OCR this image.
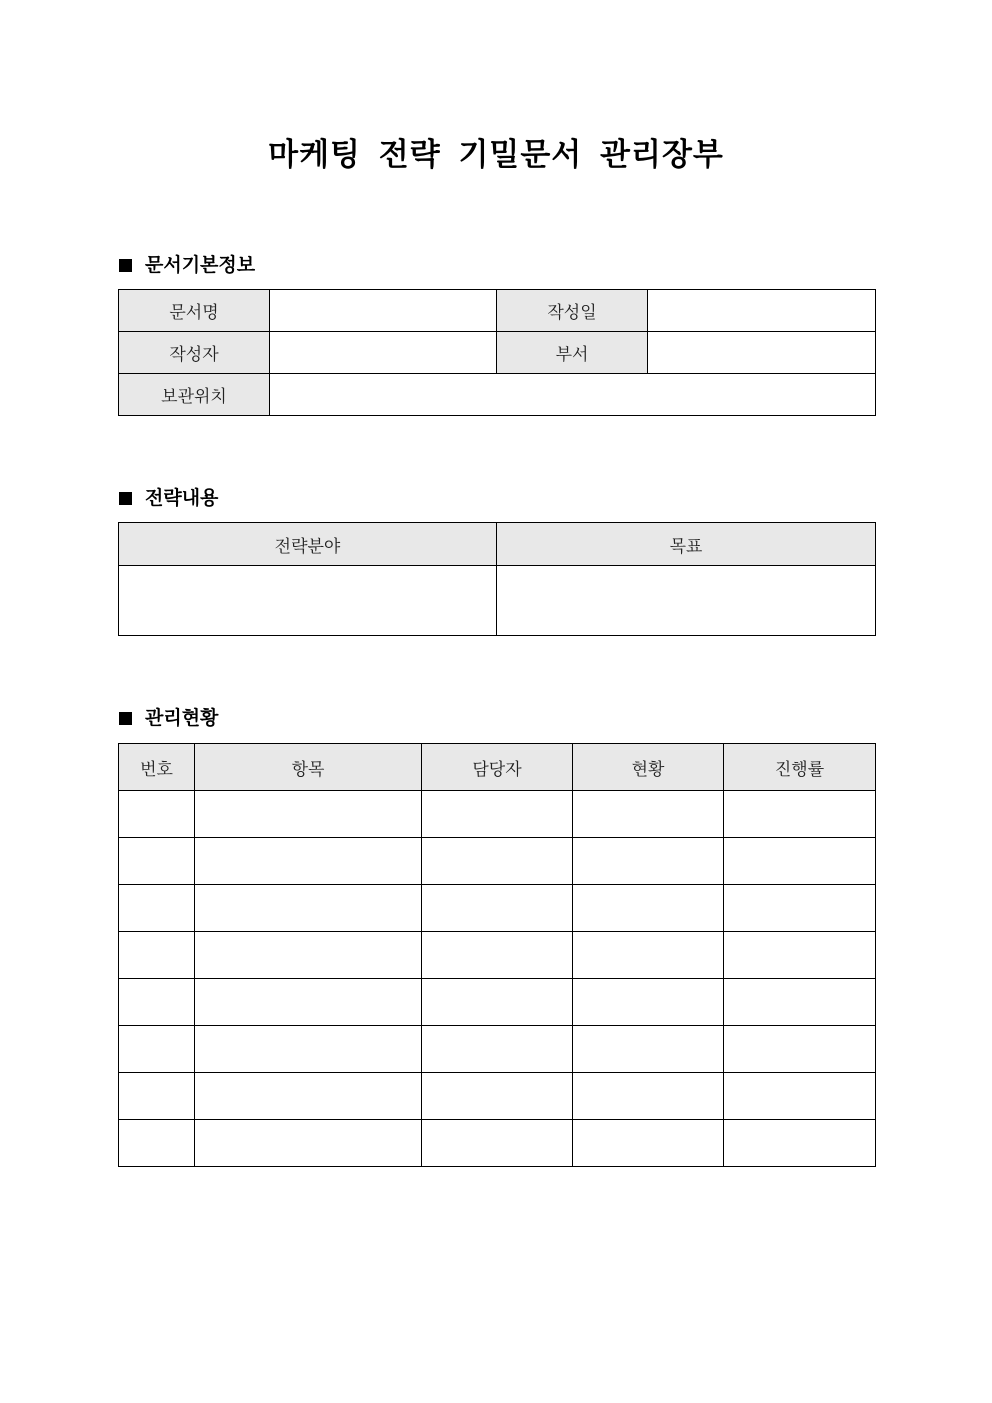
마케팅 전략 기밀문서 관리장부
문서기본정보
문서명		작성일	
작성자		부서	
보관위치			
전략내용
전략분야	목표

관리현황
번호	항목	담당자	현황	진행률
